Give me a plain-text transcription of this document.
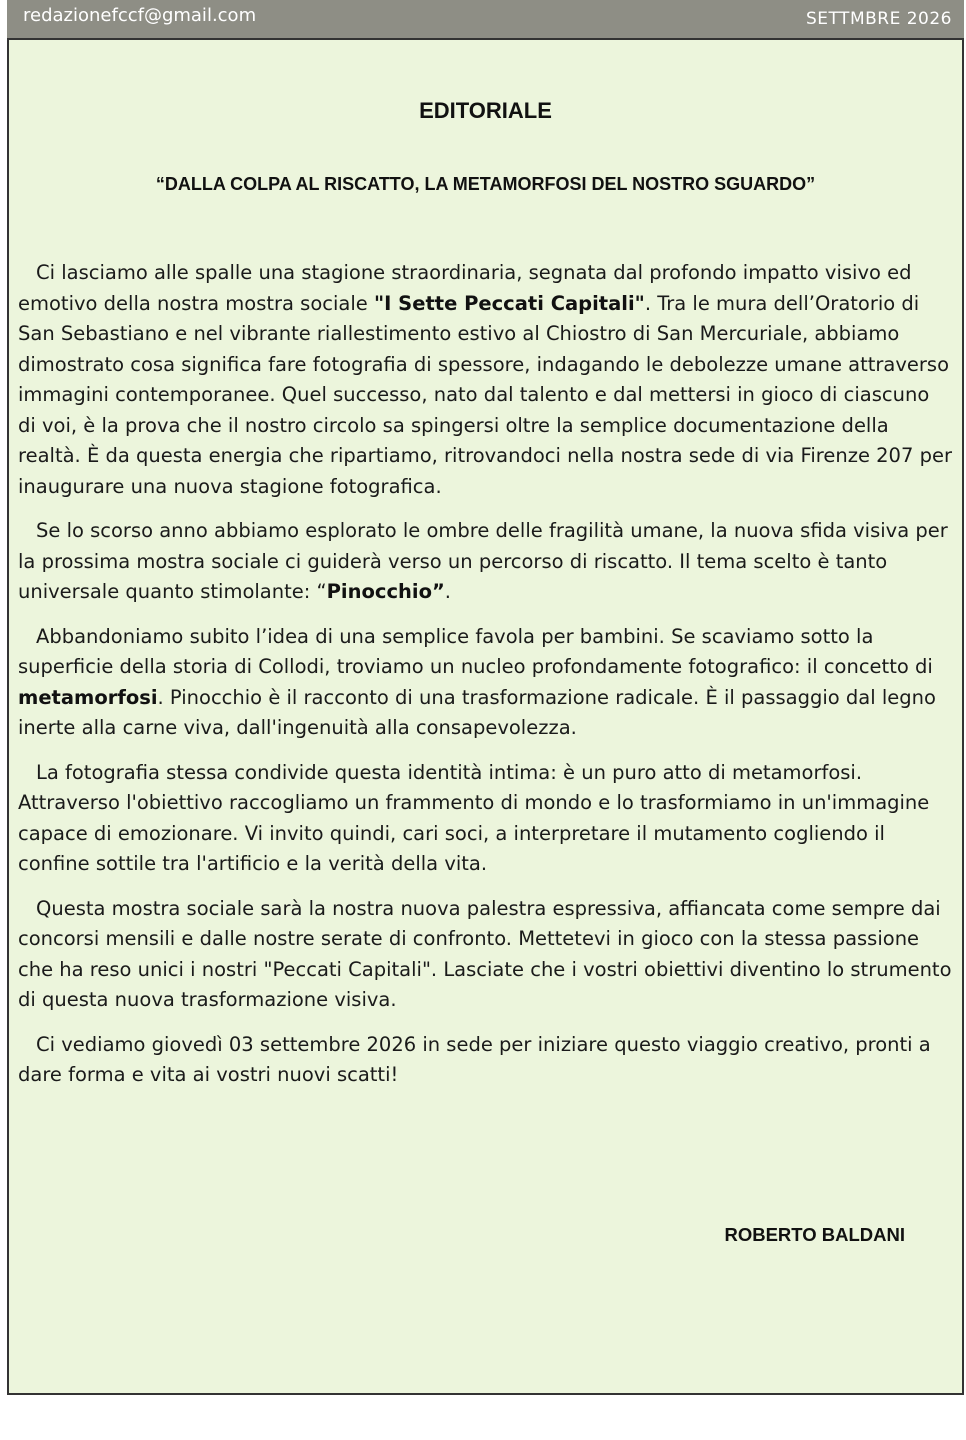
redazionefccf@gmail.com	SETTMBRE 2026
EDITORIALE
“DALLA COLPA AL RISCATTO, LA METAMORFOSI DEL NOSTRO SGUARDO”

Ci lasciamo alle spalle una stagione straordinaria, segnata dal profondo impatto visivo ed emotivo della nostra mostra sociale "I Sette Peccati Capitali". Tra le mura dell’Oratorio di San Sebastiano e nel vibrante riallestimento estivo al Chiostro di San Mercuriale, abbiamo dimostrato cosa significa fare fotografia di spessore, indagando le debolezze umane attraverso immagini contemporanee. Quel successo, nato dal talento e dal mettersi in gioco di ciascuno di voi, è la prova che il nostro circolo sa spingersi oltre la semplice documentazione della realtà. È da questa energia che ripartiamo, ritrovandoci nella nostra sede di via Firenze 207 per inaugurare una nuova stagione fotografica.

Se lo scorso anno abbiamo esplorato le ombre delle fragilità umane, la nuova sfida visiva per la prossima mostra sociale ci guiderà verso un percorso di riscatto. Il tema scelto è tanto universale quanto stimolante: “Pinocchio”.

Abbandoniamo subito l’idea di una semplice favola per bambini. Se scaviamo sotto la superficie della storia di Collodi, troviamo un nucleo profondamente fotografico: il concetto di metamorfosi. Pinocchio è il racconto di una trasformazione radicale. È il passaggio dal legno inerte alla carne viva, dall'ingenuità alla consapevolezza.

La fotografia stessa condivide questa identità intima: è un puro atto di metamorfosi. Attraverso l'obiettivo raccogliamo un frammento di mondo e lo trasformiamo in un'immagine capace di emozionare. Vi invito quindi, cari soci, a interpretare il mutamento cogliendo il confine sottile tra l'artificio e la verità della vita.

Questa mostra sociale sarà la nostra nuova palestra espressiva, affiancata come sempre dai concorsi mensili e dalle nostre serate di confronto. Mettetevi in gioco con la stessa passione che ha reso unici i nostri "Peccati Capitali". Lasciate che i vostri obiettivi diventino lo strumento di questa nuova trasformazione visiva.

Ci vediamo giovedì 03 settembre 2026 in sede per iniziare questo viaggio creativo, pronti a dare forma e vita ai vostri nuovi scatti!

ROBERTO BALDANI
